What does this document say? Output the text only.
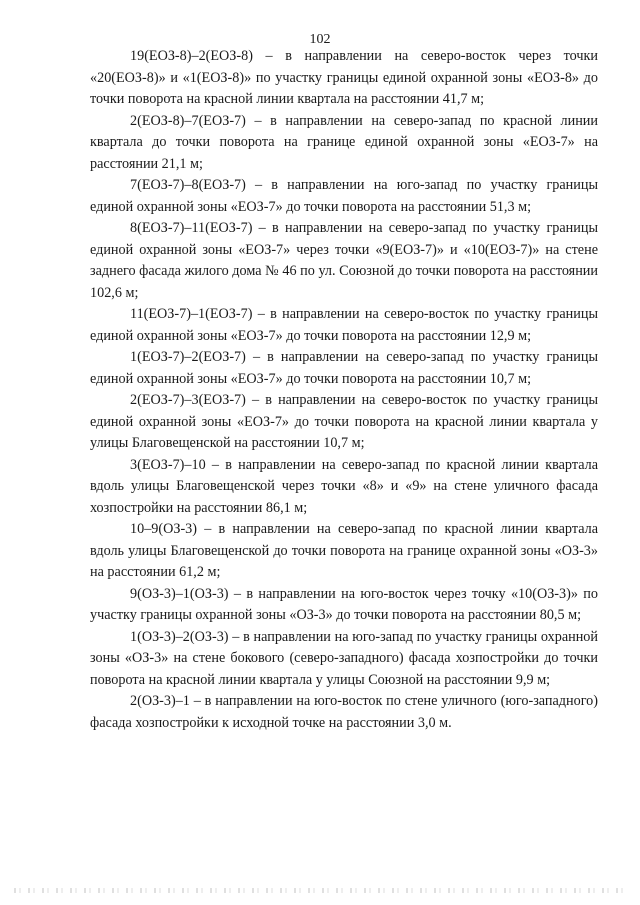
102

19(ЕОЗ-8)–2(ЕОЗ-8) – в направлении на северо-восток через точки «20(ЕОЗ-8)» и «1(ЕОЗ-8)» по участку границы единой охранной зоны «ЕОЗ-8» до точки поворота на красной линии квартала на расстоянии 41,7 м;

2(ЕОЗ-8)–7(ЕОЗ-7) – в направлении на северо-запад по красной линии квартала до точки поворота на границе единой охранной зоны «ЕОЗ-7» на расстоянии 21,1 м;

7(ЕОЗ-7)–8(ЕОЗ-7) – в направлении на юго-запад по участку границы единой охранной зоны «ЕОЗ-7» до точки поворота на расстоянии 51,3 м;

8(ЕОЗ-7)–11(ЕОЗ-7) – в направлении на северо-запад по участку границы единой охранной зоны «ЕОЗ-7» через точки «9(ЕОЗ-7)» и «10(ЕОЗ-7)» на стене заднего фасада жилого дома № 46 по ул. Союзной до точки поворота на расстоянии 102,6 м;

11(ЕОЗ-7)–1(ЕОЗ-7) – в направлении на северо-восток по участку границы единой охранной зоны «ЕОЗ-7» до точки поворота на расстоянии 12,9 м;

1(ЕОЗ-7)–2(ЕОЗ-7) – в направлении на северо-запад по участку границы единой охранной зоны «ЕОЗ-7» до точки поворота на расстоянии 10,7 м;

2(ЕОЗ-7)–3(ЕОЗ-7) – в направлении на северо-восток по участку границы единой охранной зоны «ЕОЗ-7» до точки поворота на красной линии квартала у улицы Благовещенской на расстоянии 10,7 м;

3(ЕОЗ-7)–10 – в направлении на северо-запад по красной линии квартала вдоль улицы Благовещенской через точки «8» и «9» на стене уличного фасада хозпостройки на расстоянии 86,1 м;

10–9(ОЗ-3) – в направлении на северо-запад по красной линии квартала вдоль улицы Благовещенской до точки поворота на границе охранной зоны «ОЗ-3» на расстоянии 61,2 м;

9(ОЗ-3)–1(ОЗ-3) – в направлении на юго-восток через точку «10(ОЗ-3)» по участку границы охранной зоны «ОЗ-3» до точки поворота на расстоянии 80,5 м;

1(ОЗ-3)–2(ОЗ-3) – в направлении на юго-запад по участку границы охранной зоны «ОЗ-3» на стене бокового (северо-западного) фасада хозпостройки до точки поворота на красной линии квартала у улицы Союзной на расстоянии 9,9 м;

2(ОЗ-3)–1 – в направлении на юго-восток по стене уличного (юго-западного) фасада хозпостройки к исходной точке на расстоянии 3,0 м.
